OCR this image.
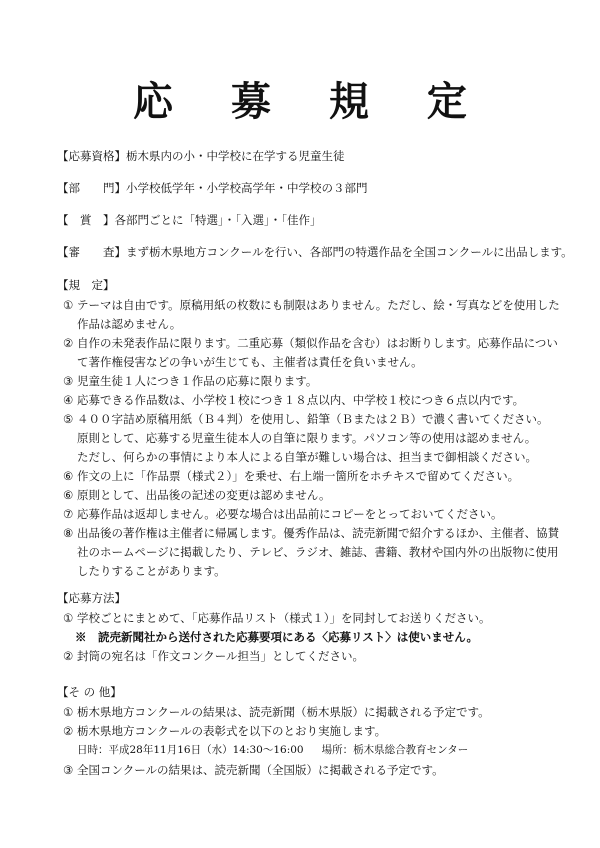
応 募 規 定
【応募資格】栃木県内の小・中学校に在学する児童生徒
【部　　門】小学校低学年・小学校高学年・中学校の３部門
【　賞　】各部門ごとに「特選」・「入選」・「佳作」
【審　　査】まず栃木県地方コンクールを行い、各部門の特選作品を全国コンクールに出品します。
【規　定】
① テーマは自由です。原稿用紙の枚数にも制限はありません。ただし、絵・写真などを使用した
作品は認めません。
② 自作の未発表作品に限ります。二重応募（類似作品を含む）はお断りします。応募作品につい
て著作権侵害などの争いが生じても、主催者は責任を負いません。
③ 児童生徒１人につき１作品の応募に限ります。
④ 応募できる作品数は、小学校１校につき１８点以内、中学校１校につき６点以内です。
⑤ ４００字詰め原稿用紙（Ｂ４判）を使用し、鉛筆（Ｂまたは２Ｂ）で濃く書いてください。
原則として、応募する児童生徒本人の自筆に限ります。パソコン等の使用は認めません。
ただし、何らかの事情により本人による自筆が難しい場合は、担当まで御相談ください。
⑥ 作文の上に「作品票（様式２）」を乗せ、右上端一箇所をホチキスで留めてください。
⑥ 原則として、出品後の記述の変更は認めません。
⑦ 応募作品は返却しません。必要な場合は出品前にコピーをとっておいてください。
⑧ 出品後の著作権は主催者に帰属します。優秀作品は、読売新聞で紹介するほか、主催者、協賛
社のホームページに掲載したり、テレビ、ラジオ、雑誌、書籍、教材や国内外の出版物に使用
したりすることがあります。
【応募方法】
① 学校ごとにまとめて、「応募作品リスト（様式１）」を同封してお送りください。
※　読売新聞社から送付された応募要項にある〈応募リスト〉は使いません。
② 封筒の宛名は「作文コンクール担当」としてください。
【そ の 他】
① 栃木県地方コンクールの結果は、読売新聞（栃木県版）に掲載される予定です。
② 栃木県地方コンクールの表彰式を以下のとおり実施します。
日時：平成28年11月16日（水）14:30～16:00 場所：栃木県総合教育センター
③ 全国コンクールの結果は、読売新聞（全国版）に掲載される予定です。
